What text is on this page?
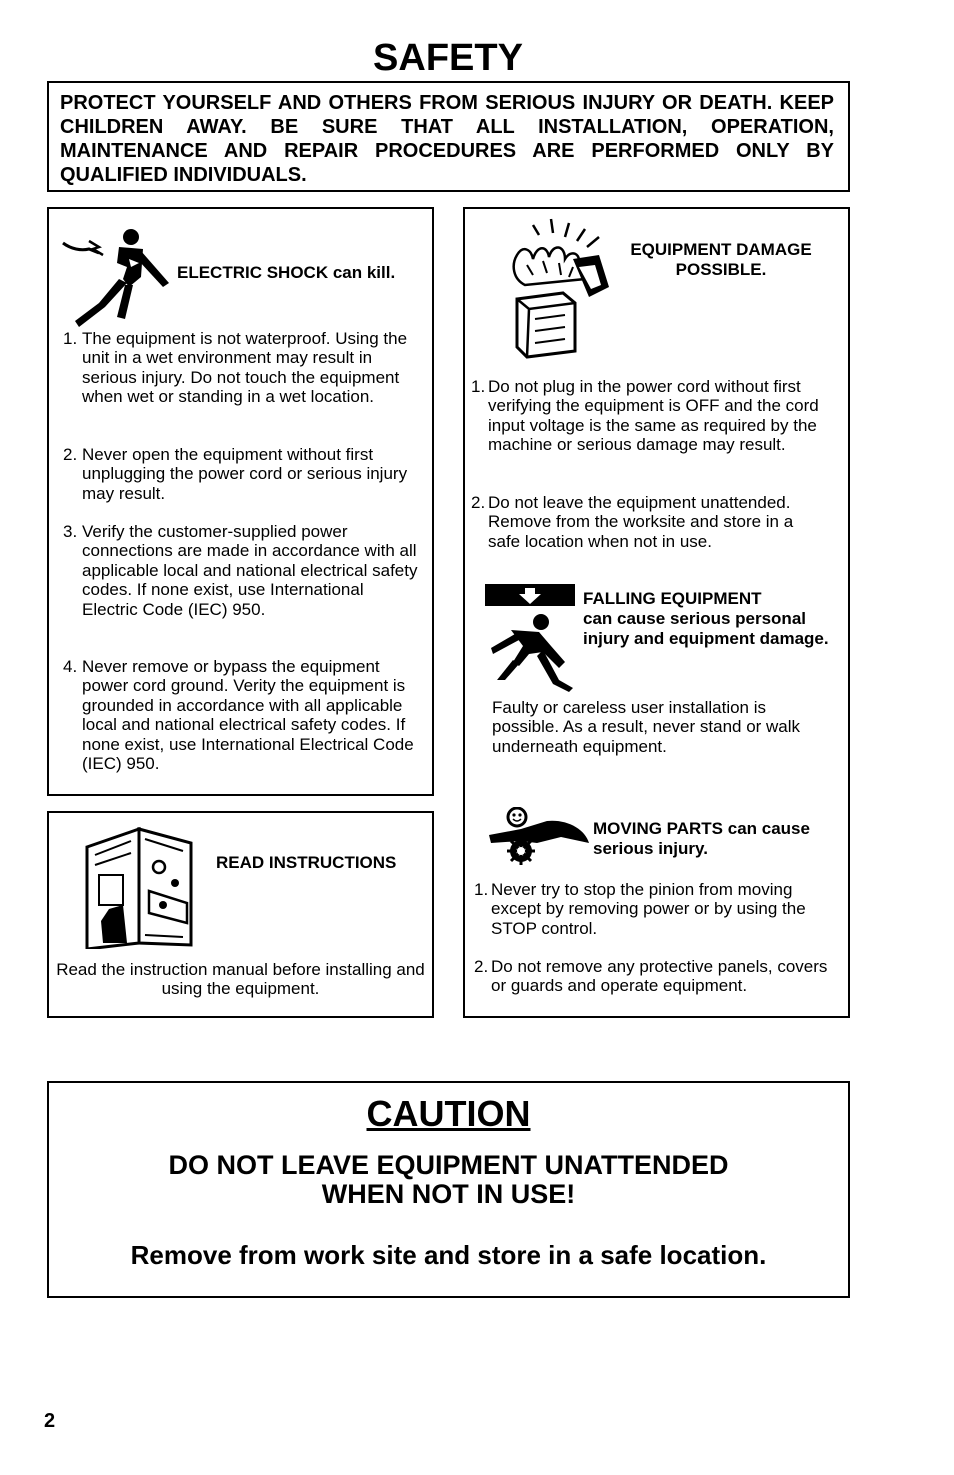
SAFETY
PROTECT YOURSELF AND OTHERS FROM SERIOUS INJURY OR DEATH. KEEP CHILDREN AWAY. BE SURE THAT ALL INSTALLATION, OPERATION, MAINTENANCE AND REPAIR PROCEDURES ARE PERFORMED ONLY BY QUALIFIED INDIVIDUALS.
ELECTRIC SHOCK can kill.
1. The equipment is not waterproof. Using the unit in a wet environment may result in serious injury. Do not touch the equipment when wet or standing in a wet location.
2. Never open the equipment without first unplugging the power cord or serious injury may result.
3. Verify the customer-supplied power connections are made in accordance with all applicable local and national electrical safety codes. If none exist, use International Electric Code (IEC) 950.
4. Never remove or bypass the equipment power cord ground. Verity the equipment is grounded in accordance with all applicable local and national electrical safety codes. If none exist, use International Electrical Code (IEC) 950.
READ INSTRUCTIONS
Read the instruction manual before installing and using the equipment.
EQUIPMENT DAMAGE POSSIBLE.
1. Do not plug in the power cord without first verifying the equipment is OFF and the cord input voltage is the same as required by the machine or serious damage may result.
2. Do not leave the equipment unattended. Remove from the worksite and store in a safe location when not in use.
FALLING EQUIPMENT
can cause serious personal injury and equipment damage.
Faulty or careless user installation is possible. As a result, never stand or walk underneath equipment.
MOVING PARTS can cause serious injury.
1. Never try to stop the pinion from moving except by removing power or by using the STOP control.
2. Do not remove any protective panels, covers or guards and operate equipment.
CAUTION
DO NOT LEAVE EQUIPMENT UNATTENDED
WHEN NOT IN USE!
Remove from work site and store in a safe location.
2
